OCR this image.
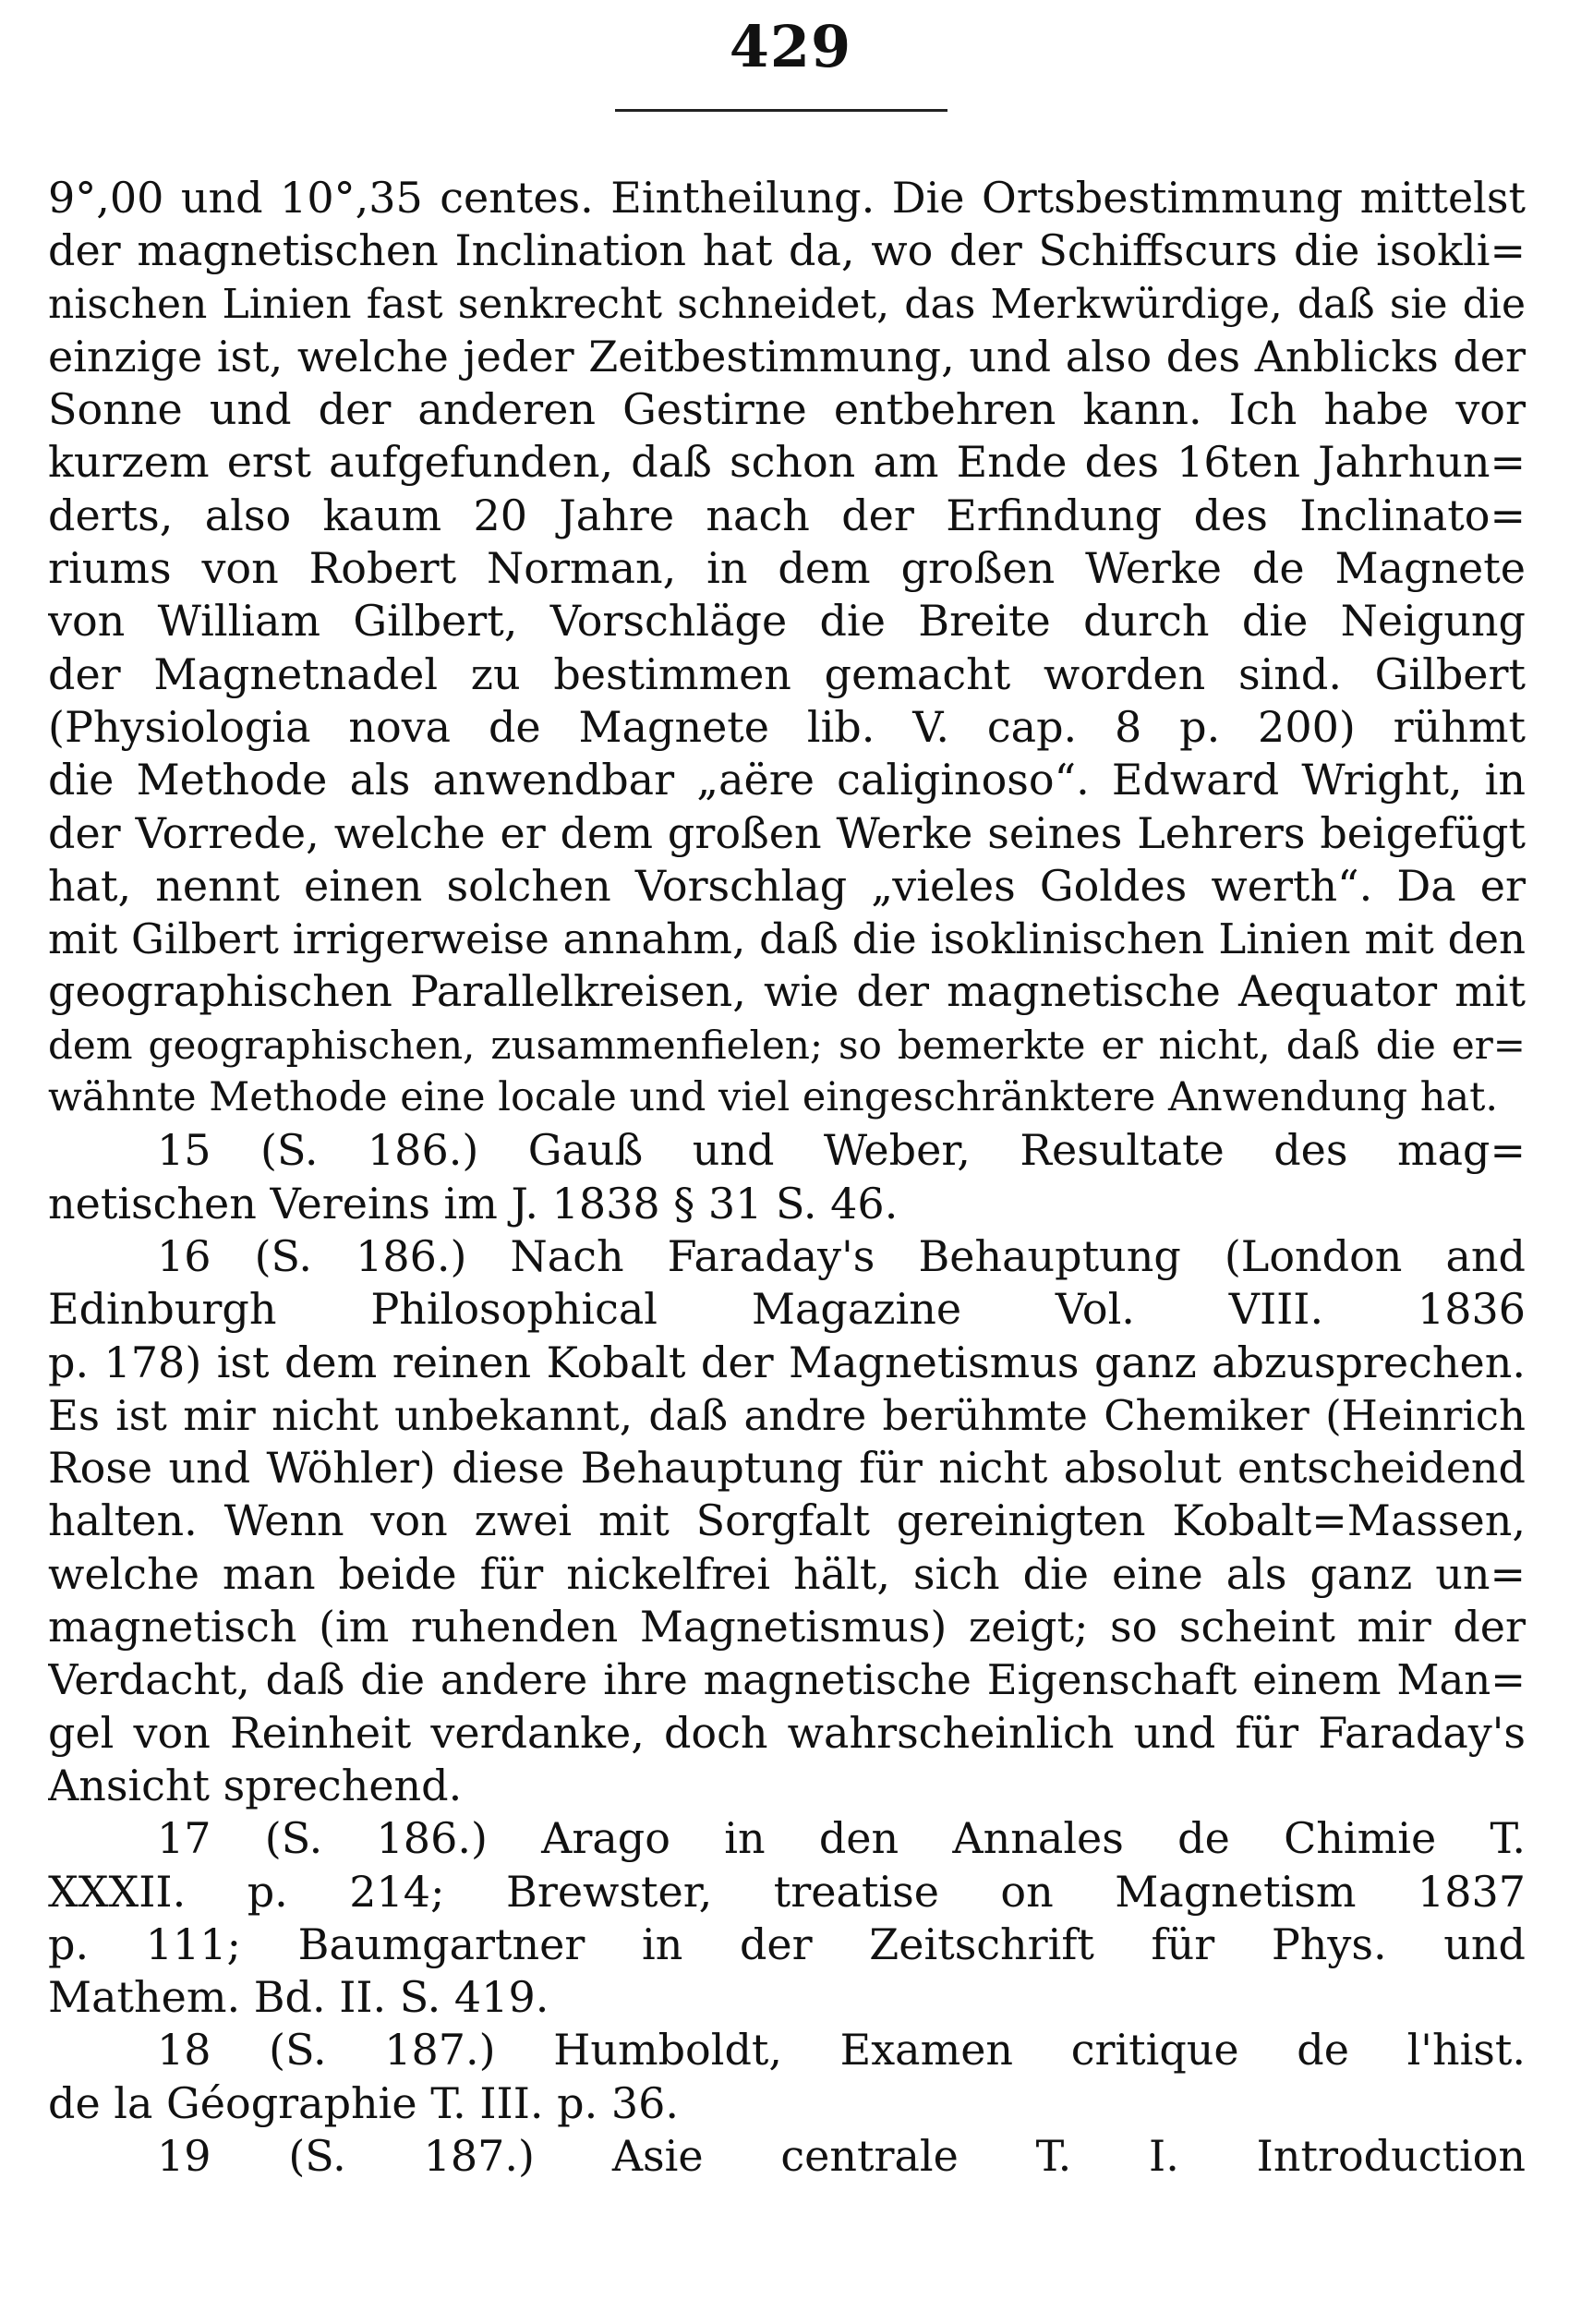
429
9°,00 und 10°,35 centes. Eintheilung. Die Ortsbestimmung mittelst
der magnetischen Inclination hat da, wo der Schiffscurs die isokli=
nischen Linien fast senkrecht schneidet, das Merkwürdige, daß sie die
einzige ist, welche jeder Zeitbestimmung, und also des Anblicks der
Sonne und der anderen Gestirne entbehren kann. Ich habe vor
kurzem erst aufgefunden, daß schon am Ende des 16ten Jahrhun=
derts, also kaum 20 Jahre nach der Erfindung des Inclinato=
riums von Robert Norman, in dem großen Werke de Magnete
von William Gilbert, Vorschläge die Breite durch die Neigung
der Magnetnadel zu bestimmen gemacht worden sind. Gilbert
(Physiologia nova de Magnete lib. V. cap. 8 p. 200) rühmt
die Methode als anwendbar „aëre caliginoso“. Edward Wright, in
der Vorrede, welche er dem großen Werke seines Lehrers beigefügt
hat, nennt einen solchen Vorschlag „vieles Goldes werth“. Da er
mit Gilbert irrigerweise annahm, daß die isoklinischen Linien mit den
geographischen Parallelkreisen, wie der magnetische Aequator mit
dem geographischen, zusammenfielen; so bemerkte er nicht, daß die er=
wähnte Methode eine locale und viel eingeschränktere Anwendung hat.
15 (S. 186.) Gauß und Weber, Resultate des mag=
netischen Vereins im J. 1838 § 31 S. 46.
16 (S. 186.) Nach Faraday's Behauptung (London and
Edinburgh Philosophical Magazine Vol. VIII. 1836
p. 178) ist dem reinen Kobalt der Magnetismus ganz abzusprechen.
Es ist mir nicht unbekannt, daß andre berühmte Chemiker (Heinrich
Rose und Wöhler) diese Behauptung für nicht absolut entscheidend
halten. Wenn von zwei mit Sorgfalt gereinigten Kobalt=Massen,
welche man beide für nickelfrei hält, sich die eine als ganz un=
magnetisch (im ruhenden Magnetismus) zeigt; so scheint mir der
Verdacht, daß die andere ihre magnetische Eigenschaft einem Man=
gel von Reinheit verdanke, doch wahrscheinlich und für Faraday's
Ansicht sprechend.
17 (S. 186.) Arago in den Annales de Chimie T.
XXXII. p. 214; Brewster, treatise on Magnetism 1837
p. 111; Baumgartner in der Zeitschrift für Phys. und
Mathem. Bd. II. S. 419.
18 (S. 187.) Humboldt, Examen critique de l'hist.
de la Géographie T. III. p. 36.
19 (S. 187.) Asie centrale T. I. Introduction
